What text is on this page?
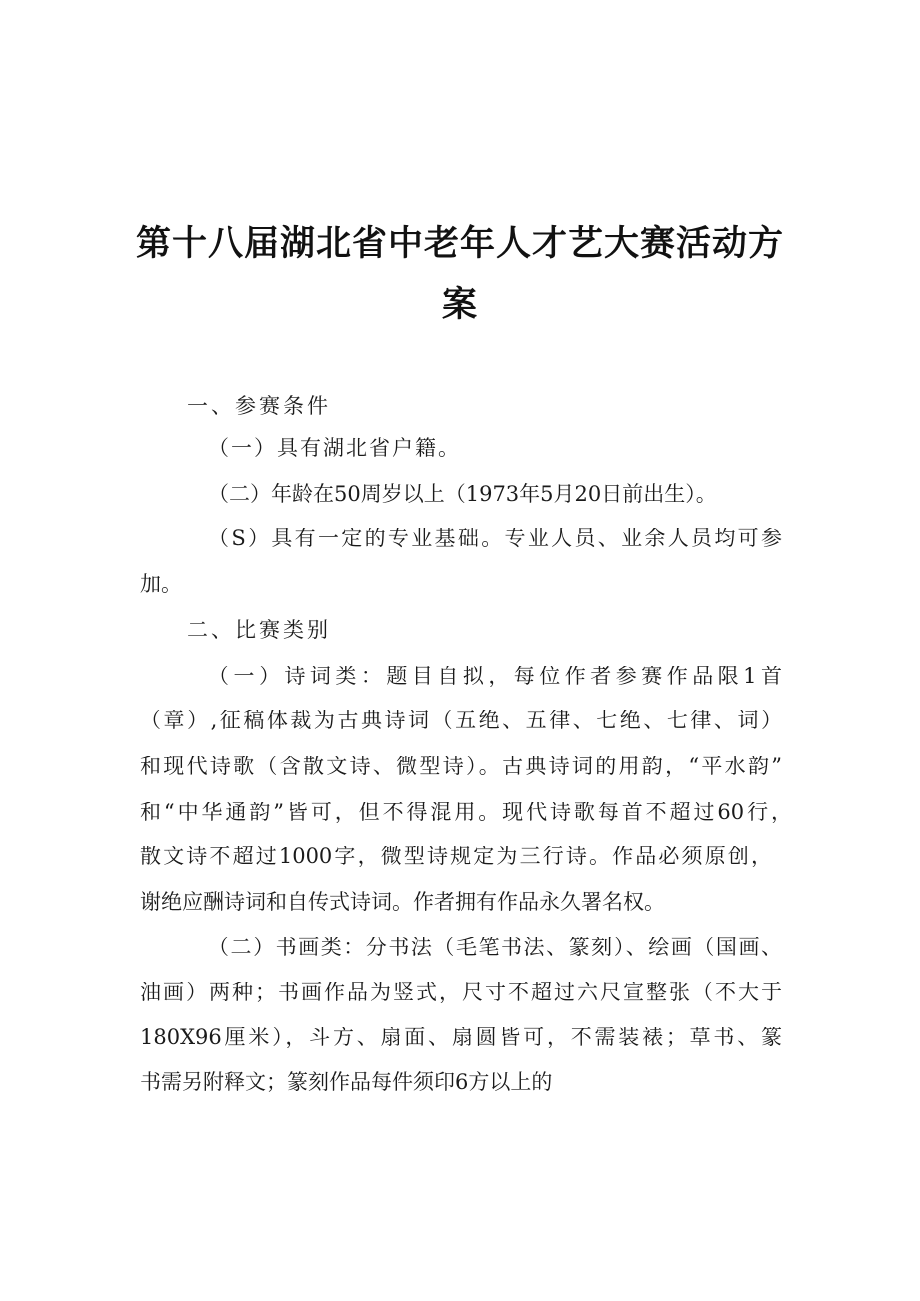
第十八届湖北省中老年人才艺大赛活动方
案

一、参赛条件

（一）具有湖北省户籍。

（二）年龄在50周岁以上（1973年5月20日前出生）。

（S）具有一定的专业基础。专业人员、业余人员均可参

加。

二、比赛类别

（一）诗词类：题目自拟，每位作者参赛作品限1首

（章）,征稿体裁为古典诗词（五绝、五律、七绝、七律、词）

和现代诗歌（含散文诗、微型诗）。古典诗词的用韵，“平水韵”

和“中华通韵”皆可，但不得混用。现代诗歌每首不超过60行，

散文诗不超过1000字，微型诗规定为三行诗。作品必须原创，

谢绝应酬诗词和自传式诗词。作者拥有作品永久署名权。

（二）书画类：分书法（毛笔书法、篆刻）、绘画（国画、

油画）两种；书画作品为竖式，尺寸不超过六尺宣整张（不大于

180X96厘米），斗方、扇面、扇圆皆可，不需装裱；草书、篆

书需另附释文；篆刻作品每件须印6方以上的
